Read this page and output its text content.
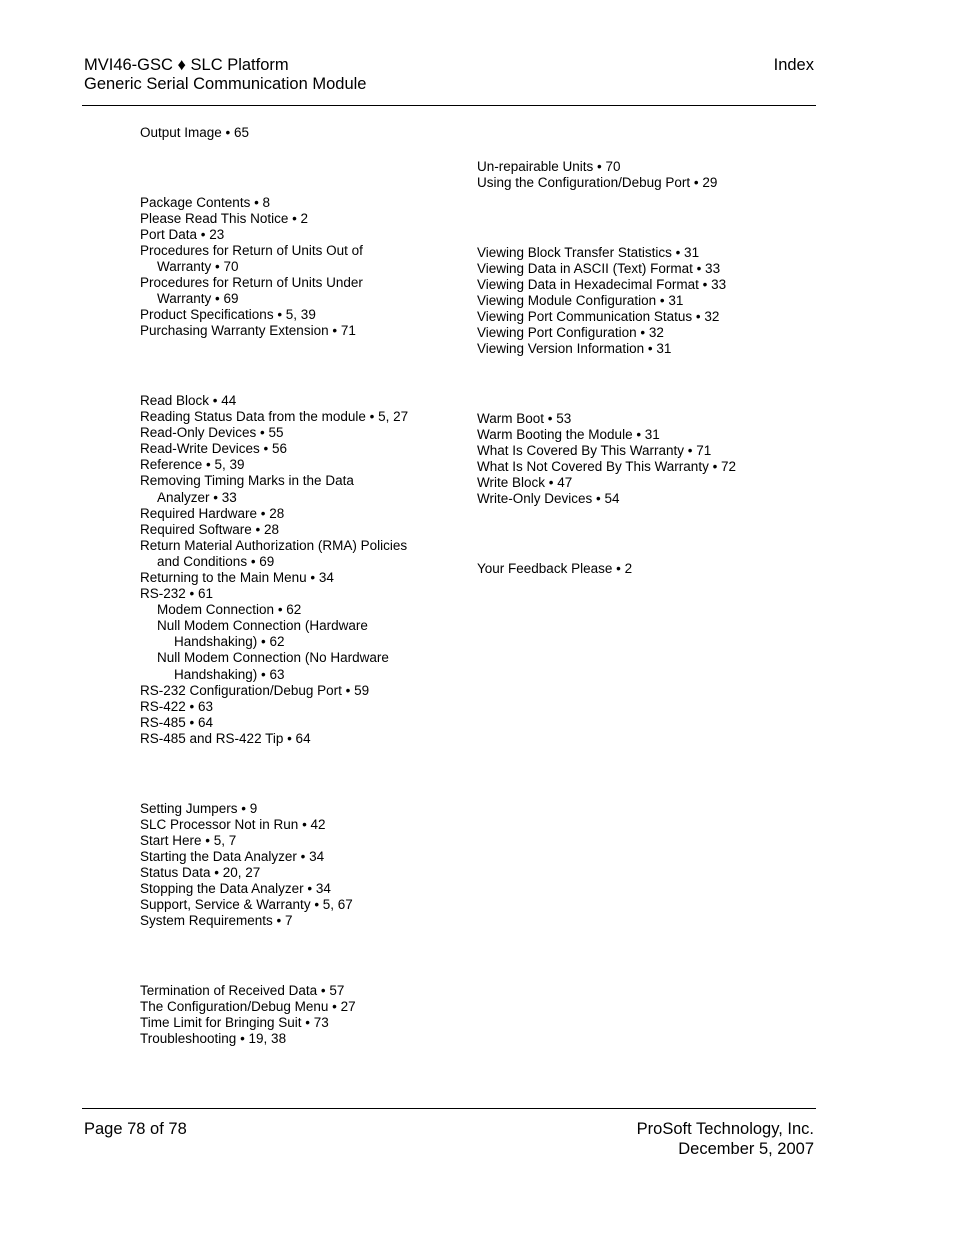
MVI46-GSC ♦ SLC Platform
Generic Serial Communication Module
Index
Output Image • 65
Package Contents • 8
Please Read This Notice • 2
Port Data • 23
Procedures for Return of Units Out of
Warranty • 70
Procedures for Return of Units Under
Warranty • 69
Product Specifications • 5, 39
Purchasing Warranty Extension • 71
Read Block • 44
Reading Status Data from the module • 5, 27
Read-Only Devices • 55
Read-Write Devices • 56
Reference • 5, 39
Removing Timing Marks in the Data
Analyzer • 33
Required Hardware • 28
Required Software • 28
Return Material Authorization (RMA) Policies
and Conditions • 69
Returning to the Main Menu • 34
RS-232 • 61
Modem Connection • 62
Null Modem Connection (Hardware
Handshaking) • 62
Null Modem Connection (No Hardware
Handshaking) • 63
RS-232 Configuration/Debug Port • 59
RS-422 • 63
RS-485 • 64
RS-485 and RS-422 Tip • 64
Setting Jumpers • 9
SLC Processor Not in Run • 42
Start Here • 5, 7
Starting the Data Analyzer • 34
Status Data • 20, 27
Stopping the Data Analyzer • 34
Support, Service & Warranty • 5, 67
System Requirements • 7
Termination of Received Data • 57
The Configuration/Debug Menu • 27
Time Limit for Bringing Suit • 73
Troubleshooting • 19, 38
Un-repairable Units • 70
Using the Configuration/Debug Port • 29
Viewing Block Transfer Statistics • 31
Viewing Data in ASCII (Text) Format • 33
Viewing Data in Hexadecimal Format • 33
Viewing Module Configuration • 31
Viewing Port Communication Status • 32
Viewing Port Configuration • 32
Viewing Version Information • 31
Warm Boot • 53
Warm Booting the Module • 31
What Is Covered By This Warranty • 71
What Is Not Covered By This Warranty • 72
Write Block • 47
Write-Only Devices • 54
Your Feedback Please • 2
Page 78 of 78	ProSoft Technology, Inc.
December 5, 2007
